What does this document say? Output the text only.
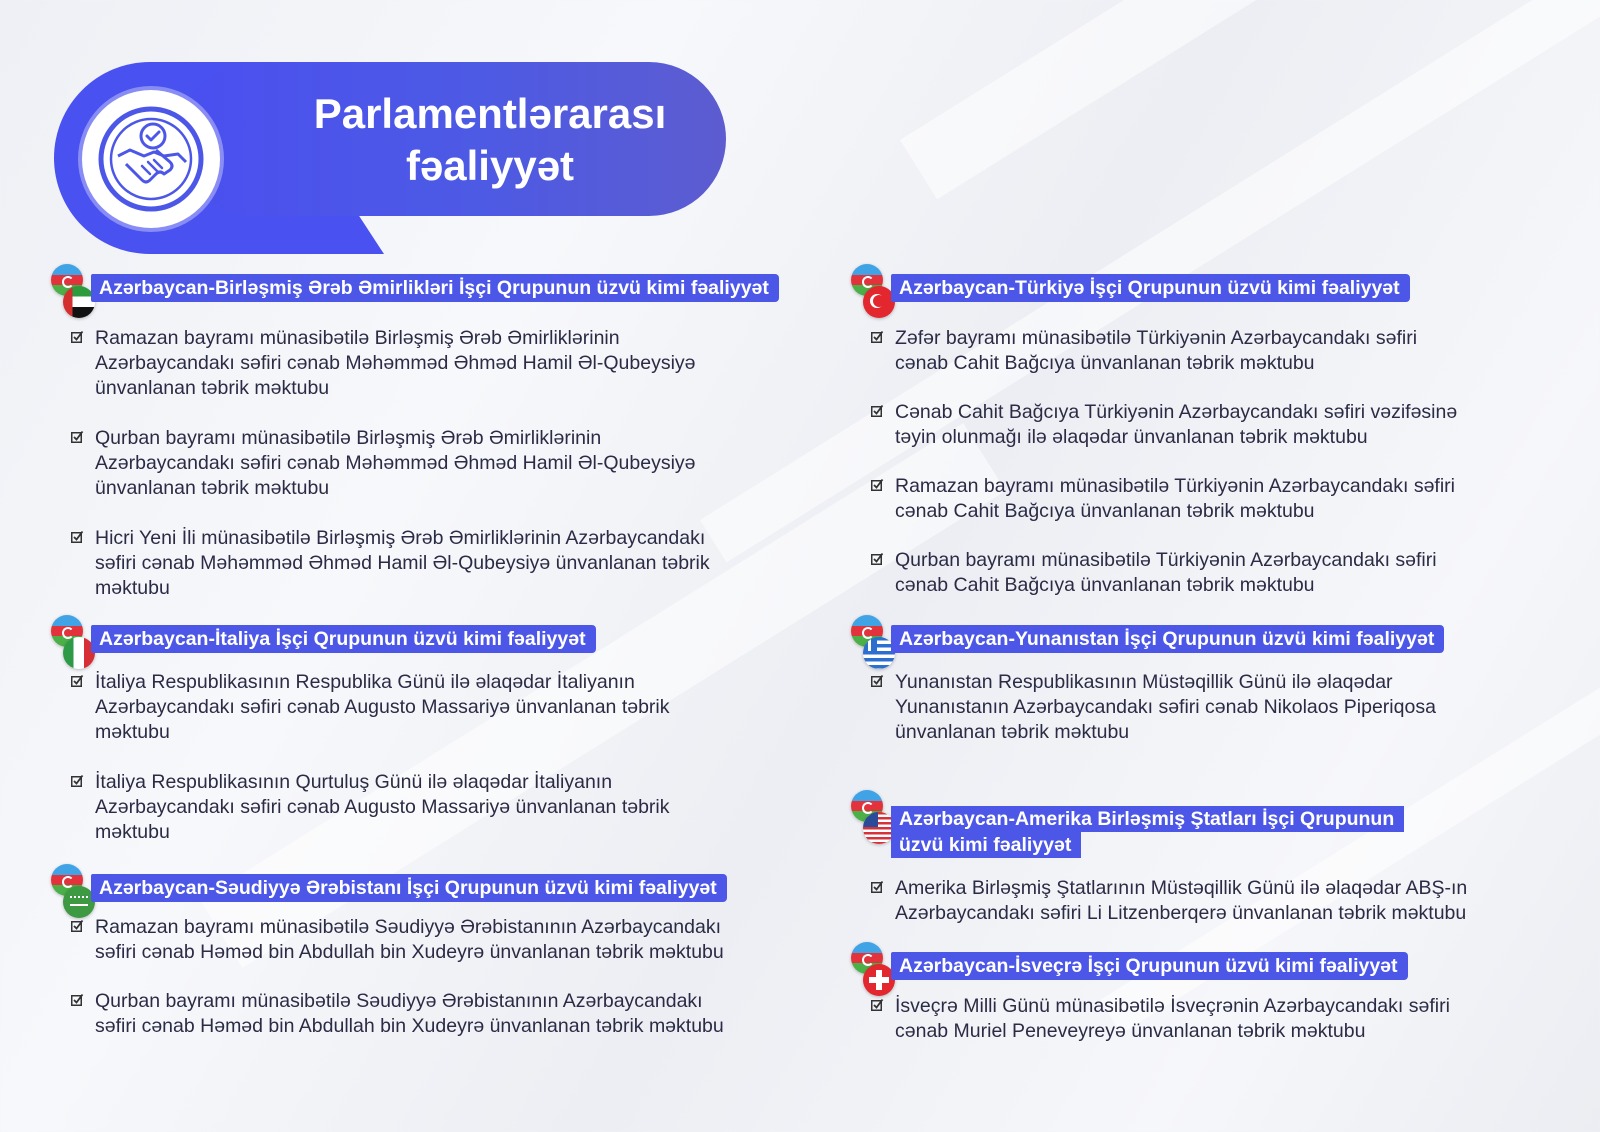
Parlamentlərarası
fəaliyyət
Azərbaycan-Birləşmiş Ərəb Əmirlikləri İşçi Qrupunun üzvü kimi fəaliyyət
Ramazan bayramı münasibətilə Birləşmiş Ərəb Əmirliklərinin
Azərbaycandakı səfiri cənab Məhəmməd Əhməd Hamil Əl-Qubeysiyə
ünvanlanan təbrik məktubu
Qurban bayramı münasibətilə Birləşmiş Ərəb Əmirliklərinin
Azərbaycandakı səfiri cənab Məhəmməd Əhməd Hamil Əl-Qubeysiyə
ünvanlanan təbrik məktubu
Hicri Yeni İli münasibətilə Birləşmiş Ərəb Əmirliklərinin Azərbaycandakı
səfiri cənab Məhəmməd Əhməd Hamil Əl-Qubeysiyə ünvanlanan təbrik
məktubu
Azərbaycan-İtaliya İşçi Qrupunun üzvü kimi fəaliyyət
İtaliya Respublikasının Respublika Günü ilə əlaqədar İtaliyanın
Azərbaycandakı səfiri cənab Augusto Massariyə ünvanlanan təbrik
məktubu
İtaliya Respublikasının Qurtuluş Günü ilə əlaqədar İtaliyanın
Azərbaycandakı səfiri cənab Augusto Massariyə ünvanlanan təbrik
məktubu
Azərbaycan-Səudiyyə Ərəbistanı İşçi Qrupunun üzvü kimi fəaliyyət
Ramazan bayramı münasibətilə Səudiyyə Ərəbistanının Azərbaycandakı
səfiri cənab Həməd bin Abdullah bin Xudeyrə ünvanlanan təbrik məktubu
Qurban bayramı münasibətilə Səudiyyə Ərəbistanının Azərbaycandakı
səfiri cənab Həməd bin Abdullah bin Xudeyrə ünvanlanan təbrik məktubu
Azərbaycan-Türkiyə İşçi Qrupunun üzvü kimi fəaliyyət
Zəfər bayramı münasibətilə Türkiyənin Azərbaycandakı səfiri
cənab Cahit Bağcıya ünvanlanan təbrik məktubu
Cənab Cahit Bağcıya Türkiyənin Azərbaycandakı səfiri vəzifəsinə
təyin olunmağı ilə əlaqədar ünvanlanan təbrik məktubu
Ramazan bayramı münasibətilə Türkiyənin Azərbaycandakı səfiri
cənab Cahit Bağcıya ünvanlanan təbrik məktubu
Qurban bayramı münasibətilə Türkiyənin Azərbaycandakı səfiri
cənab Cahit Bağcıya ünvanlanan təbrik məktubu
Azərbaycan-Yunanıstan İşçi Qrupunun üzvü kimi fəaliyyət
Yunanıstan Respublikasının Müstəqillik Günü ilə əlaqədar
Yunanıstanın Azərbaycandakı səfiri cənab Nikolaos Piperiqosa
ünvanlanan təbrik məktubu
Azərbaycan-Amerika Birləşmiş Ştatları İşçi Qrupunun
üzvü kimi fəaliyyət
Amerika Birləşmiş Ştatlarının Müstəqillik Günü ilə əlaqədar ABŞ-ın
Azərbaycandakı səfiri Li Litzenberqerə ünvanlanan təbrik məktubu
Azərbaycan-İsveçrə İşçi Qrupunun üzvü kimi fəaliyyət
İsveçrə Milli Günü münasibətilə İsveçrənin Azərbaycandakı səfiri
cənab Muriel Peneveyreyə ünvanlanan təbrik məktubu
